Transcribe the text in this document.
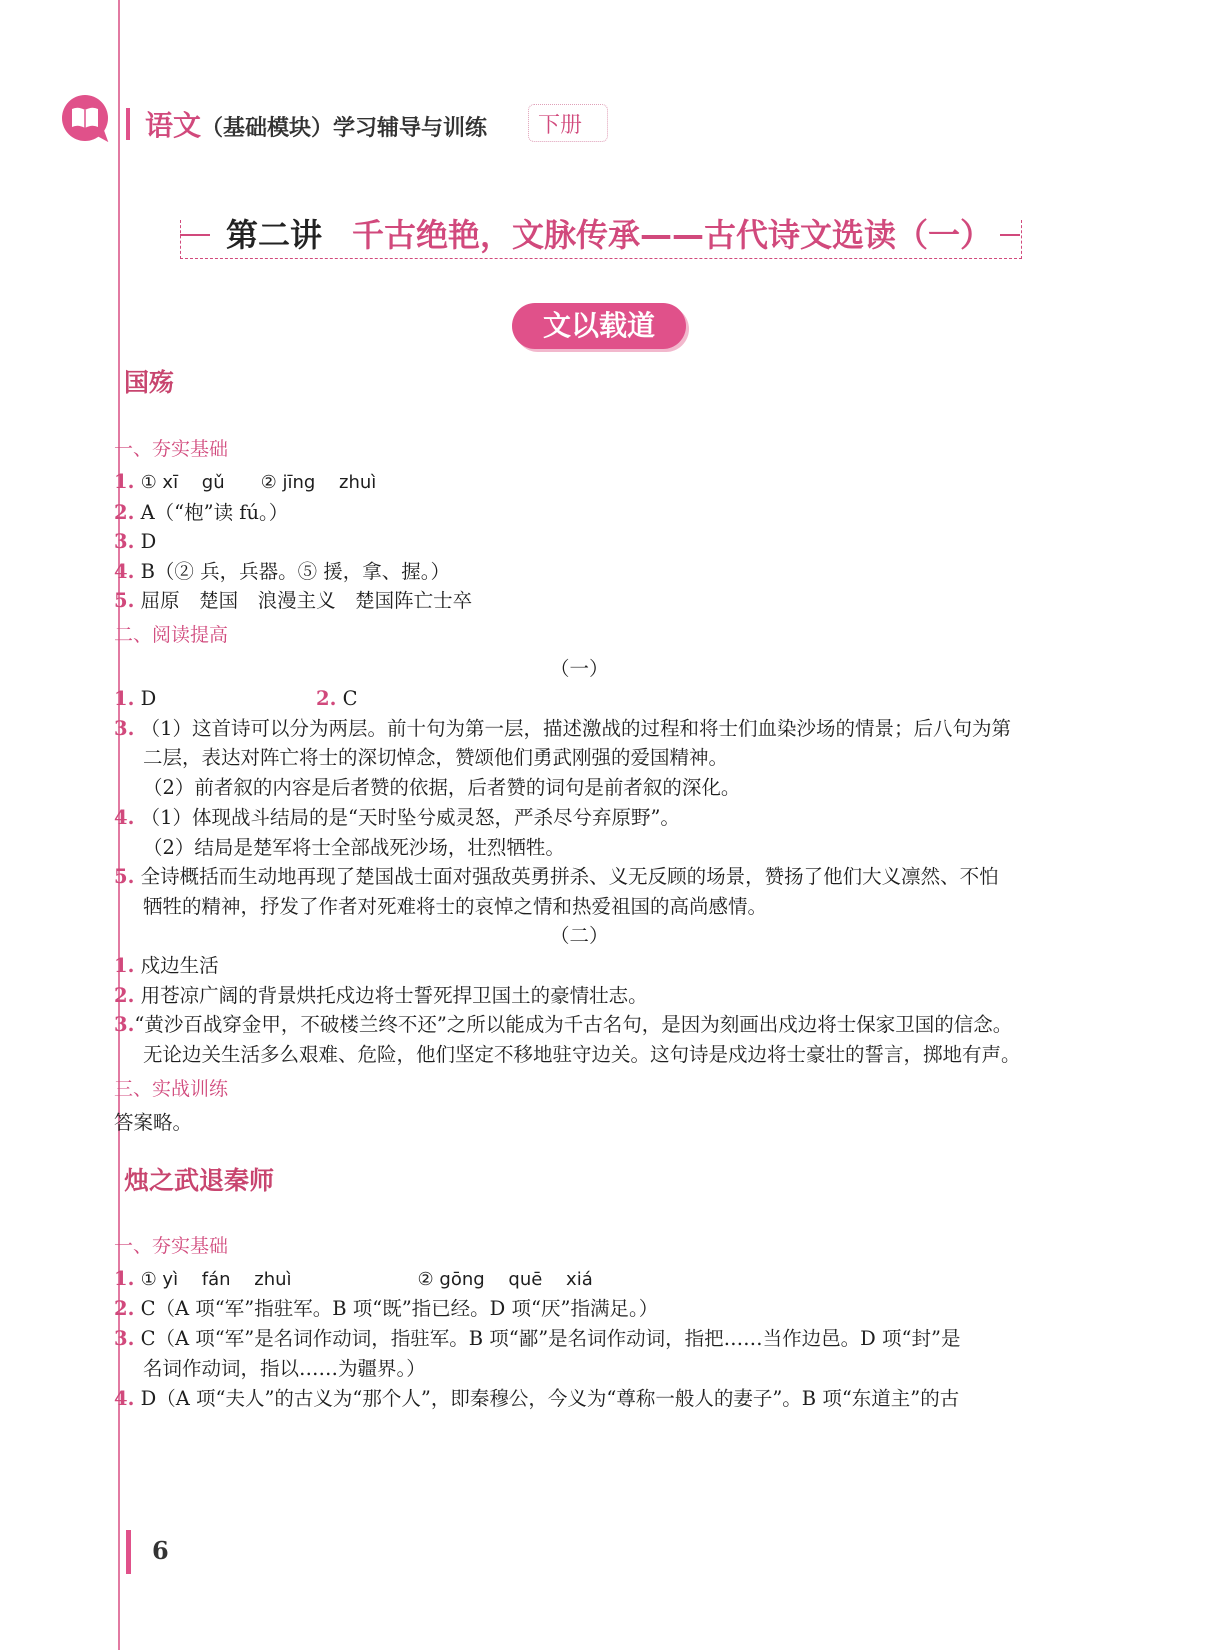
语文（基础模块）学习辅导与训练 下册
第二讲 千古绝艳，文脉传承——古代诗文选读（一）
文以载道
国殇
一、夯实基础
1. ① xī　 gǔ　　② jīng　 zhuì
2. A（“枹”读 fú。）
3. D
4. B（② 兵，兵器。⑤ 援，拿、握。）
5. 屈原　楚国　浪漫主义　楚国阵亡士卒
二、阅读提高
（一）
1. D	2. C
3. （1）这首诗可以分为两层。前十句为第一层，描述激战的过程和将士们血染沙场的情景；后八句为第
二层，表达对阵亡将士的深切悼念，赞颂他们勇武刚强的爱国精神。
（2）前者叙的内容是后者赞的依据，后者赞的词句是前者叙的深化。
4. （1）体现战斗结局的是“天时坠兮威灵怒，严杀尽兮弃原野”。
（2）结局是楚军将士全部战死沙场，壮烈牺牲。
5. 全诗概括而生动地再现了楚国战士面对强敌英勇拼杀、义无反顾的场景，赞扬了他们大义凛然、不怕
牺牲的精神，抒发了作者对死难将士的哀悼之情和热爱祖国的高尚感情。
（二）
1. 戍边生活
2. 用苍凉广阔的背景烘托戍边将士誓死捍卫国土的豪情壮志。
3.“黄沙百战穿金甲，不破楼兰终不还”之所以能成为千古名句，是因为刻画出戍边将士保家卫国的信念。
无论边关生活多么艰难、危险，他们坚定不移地驻守边关。这句诗是戍边将士豪壮的誓言，掷地有声。
三、实战训练
答案略。
烛之武退秦师
一、夯实基础
1. ① yì　 fán　 zhuì　　　　　　　② gōng　 quē　 xiá
2. C（A 项“军”指驻军。B 项“既”指已经。D 项“厌”指满足。）
3. C（A 项“军”是名词作动词，指驻军。B 项“鄙”是名词作动词，指把……当作边邑。D 项“封”是
名词作动词，指以……为疆界。）
4. D（A 项“夫人”的古义为“那个人”，即秦穆公，今义为“尊称一般人的妻子”。B 项“东道主”的古
6
